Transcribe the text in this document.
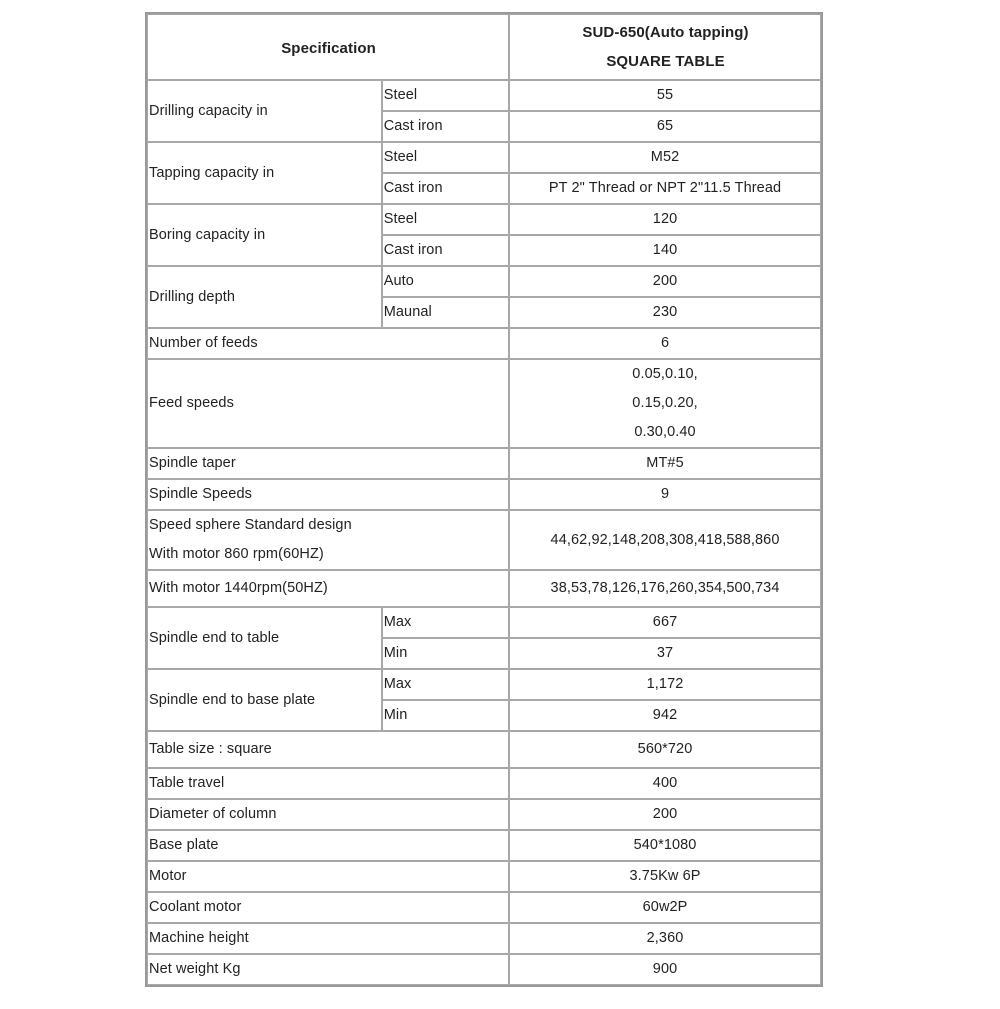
Specification		SUD-650(Auto tapping)
SQUARE TABLE

Drilling capacity in	Steel	55
	Cast iron	65
Tapping capacity in	Steel	M52
	Cast iron	PT 2" Thread or NPT 2"11.5 Thread
Boring capacity in	Steel	120
	Cast iron	140
Drilling depth	Auto	200
	Maunal	230
Number of feeds		6
Feed speeds		0.05,0.10,
0.15,0.20,
0.30,0.40

Spindle taper		MT#5
Spindle Speeds		9

Speed sphere Standard design
With motor 860 rpm(60HZ)		44,62,92,148,208,308,418,588,860
With motor 1440rpm(50HZ)		38,53,78,126,176,260,354,500,734
Spindle end to table	Max	667
	Min	37
Spindle end to base plate	Max	1,172
	Min	942
Table size : square		560*720
Table travel		400
Diameter of column		200
Base plate		540*1080
Motor		3.75Kw 6P
Coolant motor		60w2P
Machine height		2,360
Net weight Kg		900
